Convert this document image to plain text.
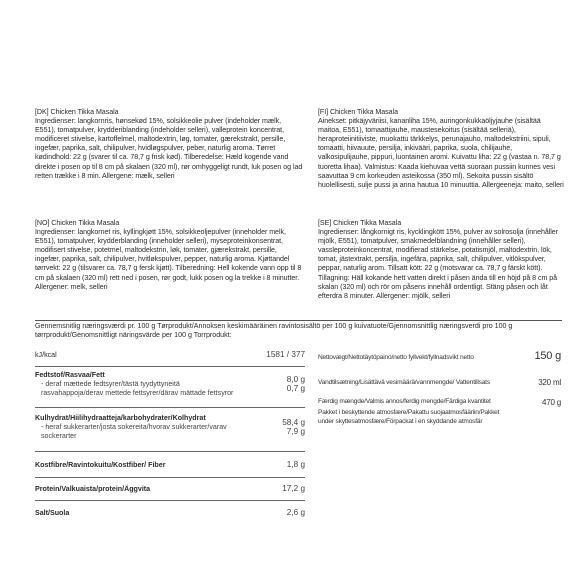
[DK] Chicken Tikka Masala
Ingredienser: langkornris, hønsekød 15%, solsikkeolie pulver (indeholder mælk, E551), tomatpulver, krydderiblanding (indeholder selleri), valleprotein koncentrat, modificeret stivelse, kartoffelmel, maltodextrin, løg, tomater, gærekstrakt, persille, ingefær, paprika, salt, chilipulver, hvidløgspulver, peber, naturlig aroma. Tørret kødindhold: 22 g (svarer til ca. 78,7 g frisk kød). Tilberedelse: Hæld kogende vand direkte i posen op til 8 cm på skalaen (320 ml), rør omhyggeligt rundt, luk posen og lad retten trække i 8 min. Allergene: mælk, selleri
[FI] Chicken Tikka Masala
Ainekset: pitkäjyväriisi, kananliha 15%, auringonkukkaöljyjauhe (sisältää maitoa, E551), tomaattijauhe, maustesekoitus (sisältää selleriä), heraproteiinitiiviste, muokattu tärkkelys, perunajauho, maltodekstriini, sipuli, tomaatti, hiivauute, persilja, inkivääri, paprika, suola, chilijauhe, valkosipulijauhe, pippuri, luontainen aromi. Kuivattu liha: 22 g (vastaa n. 78,7 g tuoretta lihaa). Valmistus: Kaada kiehuvaa vettä suoraan pussiin kunnes vesi saavuttaa 9 cm korkeuden asteikossa (350 ml). Sekoita pussin sisältö huolellisesti, sulje pussi ja anna hautua 10 minuuttia. Allergeeneja: maito, selleri
[NO] Chicken Tikka Masala
Ingredienser: langkornet ris, kyllingkjøtt 15%, solsikkeoljepulver (inneholder melk, E551), tomatpulver, krydderblanding (inneholder selleri), myseproteinkonsentrat, modifisert stivelse, potetmel, maltodekstrin, løk, tomater, gjærekstrakt, persille, ingefær, paprika, salt, chilipulver, hvitløkspulver, pepper, naturlig aroma. Kjøttandel tørrvekt: 22 g (tilsvarer ca. 78,7 g fersk kjøtt). Tilberedning: Hell kokende vann opp til 8 cm på skalaen (320 ml) rett ned i posen, rør godt, lukk posen og la trekke i 8 minutter. Allergener: melk, selleri
[SE] Chicken Tikka Masala
Ingredienser: långkornigt ris, kycklingkött 15%, pulver av solrosolja (innehåller mjölk, E551), tomatpulver, smakmedelblandning (innehåller selleri), vassleproteinkoncentrat, modifierad stärkelse, potatismjöl, maltodextrin, lök, tomat, jästextrakt, persilja, ingefära, paprika, salt, chilipulver, vitlökspulver, peppar, naturlig arom. Tillsatt kött: 22 g (motsvarar ca. 78,7 g färskt kött). Tillagning: Häll kokande hett vatten direkt i påsen ända till en höjd på 8 cm på skalan (320 ml) och rör om påsens innehåll ordentligt. Stäng påsen och låt efterdra 8 minuter. Allergener: mjölk, selleri
Gennemsnitlig næringsværdi pr. 100 g Tørprodukt/Annoksen keskimääräinen ravintosisältö per 100 g kuivatuote/Gjennomsnittlig næringsverdi pro 100 g tørrprodukt/Genomsnittligt näringsvärde per 100 g Torrprodukt:
kJ/kcal	1581 / 377
Fedtstof/Rasvaa/Fett	8,0 g
- deraf mættede fedtsyrer/tästä tyydyttyneitä rasvahappoja/derav mettede fettsyrer/därav mättade fettsyror	0,7 g
Kulhydrat/Hiilihydraatteja/karbohydrater/Kolhydrat	58,4 g
- heraf sukkerarter/josta sokereita/hvorav sukkerarter/varav sockerarter	7,9 g
Kostfibre/Ravintokuitu/Kostfiber/ Fiber	1,8 g
Protein/Valkuaista/protein/Äggvita	17,2 g
Salt/Suola	2,6 g
Nettovægt/Nettotäytöpaino/netto fyllvekt/fyllnadsvikt netto	150 g
Vandtilsætning/Lisättävä vesimäärä/vannmengde/ Vattentillsats	320 ml
Færdig mængde/Valmis annos/ferdig mengde/Färdiga kvantitet	470 g
Pakket i beskyttende atmosfære/Pakattu suojaatmosfääriin/Pakket under skyttesatmosfære/Förpackat i en skyddande atmosfär
